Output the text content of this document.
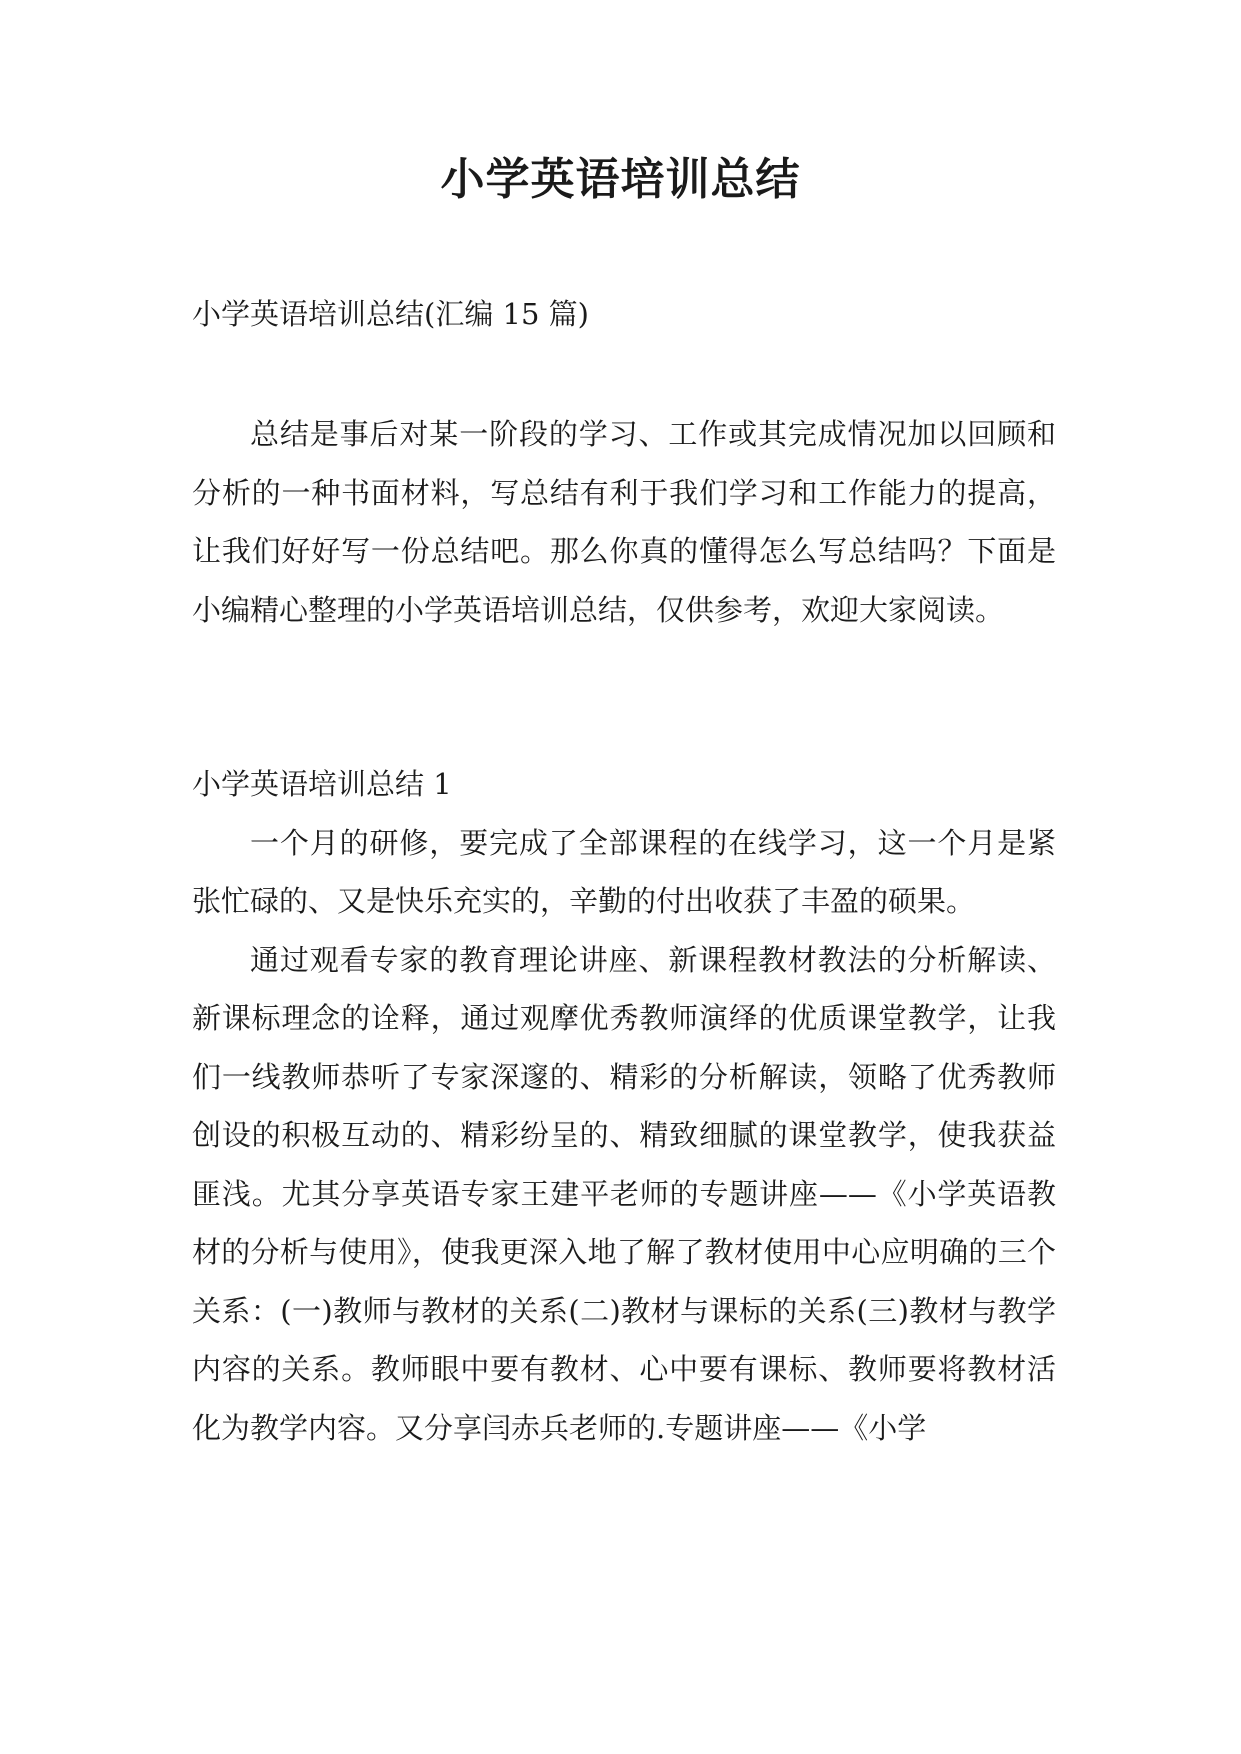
小学英语培训总结

小学英语培训总结(汇编 15 篇)

总结是事后对某一阶段的学习、工作或其完成情况加以回顾和分析的一种书面材料，写总结有利于我们学习和工作能力的提高，让我们好好写一份总结吧。那么你真的懂得怎么写总结吗？下面是小编精心整理的小学英语培训总结，仅供参考，欢迎大家阅读。

小学英语培训总结 1

一个月的研修，要完成了全部课程的在线学习，这一个月是紧张忙碌的、又是快乐充实的，辛勤的付出收获了丰盈的硕果。

通过观看专家的教育理论讲座、新课程教材教法的分析解读、新课标理念的诠释，通过观摩优秀教师演绎的优质课堂教学，让我们一线教师恭听了专家深邃的、精彩的分析解读，领略了优秀教师创设的积极互动的、精彩纷呈的、精致细腻的课堂教学，使我获益匪浅。尤其分享英语专家王建平老师的专题讲座——《小学英语教材的分析与使用》，使我更深入地了解了教材使用中心应明确的三个关系：(一)教师与教材的关系(二)教材与课标的关系(三)教材与教学内容的关系。教师眼中要有教材、心中要有课标、教师要将教材活化为教学内容。又分享闫赤兵老师的.专题讲座——《小学
